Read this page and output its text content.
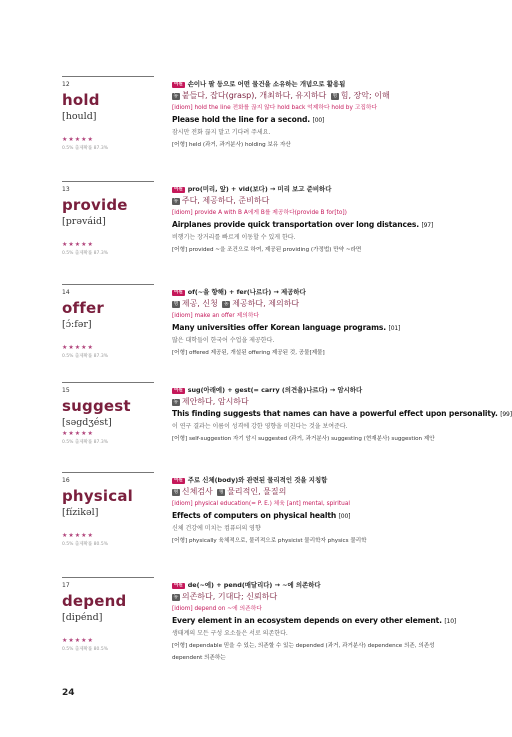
12
hold
[hould]
★★★★★
0.5% 출제확률 87.3%
어원 손이나 팔 등으로 어떤 물건을 소유하는 개념으로 활용됨
동 붙들다, 잡다(grasp), 개최하다, 유지하다 명 힘, 장악; 이해
[idiom] hold the line 전화를 끊지 않다 hold back 억제하다 hold by 고집하다
Please hold the line for a second. [00]
잠시만 전화 끊지 말고 기다려 주세요.
[어형] held (과거, 과거분사) holding 보유 자산
13
provide
[prəváid]
★★★★★
0.5% 출제확률 87.3%
어원 pro(미리, 앞) + vid(보다) → 미리 보고 준비하다
동 주다, 제공하다, 준비하다
[idiom] provide A with B A에게 B를 제공하다(provide B for[to])
Airplanes provide quick transportation over long distances. [97]
비행기는 장거리를 빠르게 이동할 수 있게 한다.
[어형] provided ~을 조건으로 하여, 제공된 providing (가정법) 만약 ~라면
14
offer
[ɔ́:fər]
★★★★★
0.5% 출제확률 87.3%
어원 of(~을 향해) + fer(나르다) → 제공하다
명 제공, 신청 동 제공하다, 제의하다
[idiom] make an offer 제의하다
Many universities offer Korean language programs. [01]
많은 대학들이 한국어 수업을 제공한다.
[어형] offered 제공된, 개설된 offering 제공된 것, 공물[제물]
15
suggest
[səgdʒést]
★★★★★
0.5% 출제확률 87.3%
어원 sug(아래에) + gest(= carry (의견을)나르다) → 암시하다
동 제안하다, 암시하다
This finding suggests that names can have a powerful effect upon personality. [99]
이 연구 결과는 이름이 성격에 강한 영향을 미친다는 것을 보여준다.
[어형] self-suggestion 자기 암시 suggested (과거, 과거분사) suggesting (현재분사) suggestion 제안
16
physical
[fízikəl]
★★★★★
0.5% 출제확률 80.5%
어원 주로 신체(body)와 관련된 물리적인 것을 지칭함
형 신체검사 형 물리적인, 물질의
[idiom] physical education(= P. E.) 체육 [ant] mental, spiritual
Effects of computers on physical health [00]
신체 건강에 미치는 컴퓨터의 영향
[어형] physically 육체적으로, 물리적으로 physicist 물리학자 physics 물리학
17
depend
[dipénd]
★★★★★
0.5% 출제확률 80.5%
어원 de(~에) + pend(매달리다) → ~에 의존하다
동 의존하다, 기대다; 신뢰하다
[idiom] depend on ~에 의존하다
Every element in an ecosystem depends on every other element. [10]
생태계의 모든 구성 요소들은 서로 의존한다.
[어형] dependable 믿을 수 있는, 의존할 수 있는 depended (과거, 과거분사) dependence 의존, 의존성
dependent 의존하는
24
